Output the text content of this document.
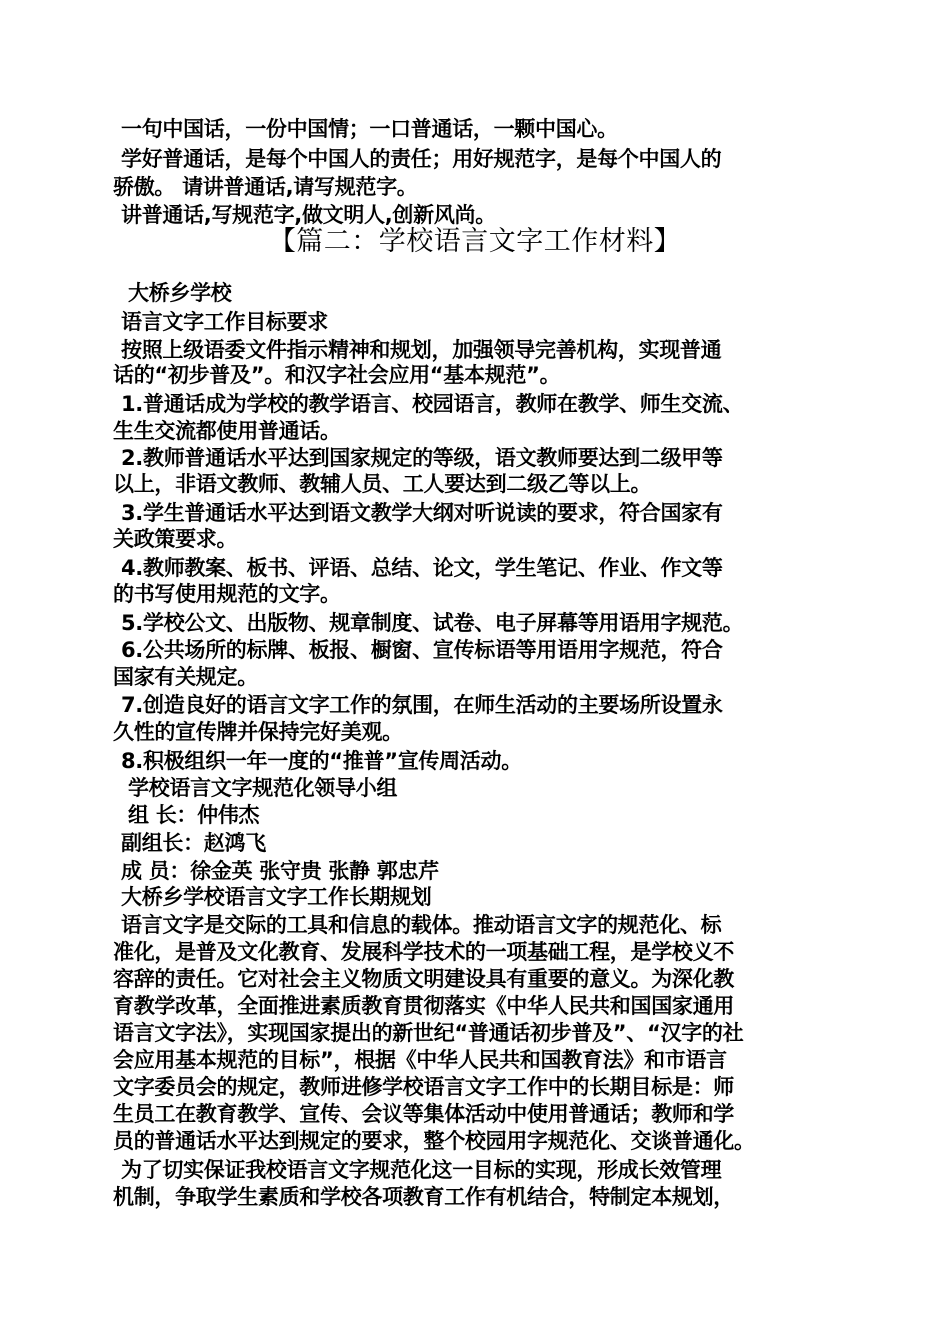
一句中国话，一份中国情；一口普通话，一颗中国心。

学好普通话，是每个中国人的责任；用好规范字，是每个中国人的

骄傲。 请讲普通话,请写规范字。

讲普通话,写规范字,做文明人,创新风尚。

【篇二：学校语言文字工作材料】

大桥乡学校

语言文字工作目标要求

按照上级语委文件指示精神和规划，加强领导完善机构，实现普通

话的“初步普及”。和汉字社会应用“基本规范”。

1.普通话成为学校的教学语言、校园语言，教师在教学、师生交流、

生生交流都使用普通话。

2.教师普通话水平达到国家规定的等级，语文教师要达到二级甲等

以上，非语文教师、教辅人员、工人要达到二级乙等以上。

3.学生普通话水平达到语文教学大纲对听说读的要求，符合国家有

关政策要求。

4.教师教案、板书、评语、总结、论文，学生笔记、作业、作文等

的书写使用规范的文字。

5.学校公文、出版物、规章制度、试卷、电子屏幕等用语用字规范。

6.公共场所的标牌、板报、橱窗、宣传标语等用语用字规范，符合

国家有关规定。

7.创造良好的语言文字工作的氛围，在师生活动的主要场所设置永

久性的宣传牌并保持完好美观。

8.积极组织一年一度的“推普”宣传周活动。

学校语言文字规范化领导小组

组 长：仲伟杰

副组长：赵鸿飞

成 员：徐金英 张守贵 张静 郭忠芹

大桥乡学校语言文字工作长期规划

语言文字是交际的工具和信息的载体。推动语言文字的规范化、标

准化，是普及文化教育、发展科学技术的一项基础工程，是学校义不

容辞的责任。它对社会主义物质文明建设具有重要的意义。为深化教

育教学改革，全面推进素质教育贯彻落实《中华人民共和国国家通用

语言文字法》，实现国家提出的新世纪“普通话初步普及”、“汉字的社

会应用基本规范的目标”，根据《中华人民共和国教育法》和市语言

文字委员会的规定，教师进修学校语言文字工作中的长期目标是：师

生员工在教育教学、宣传、会议等集体活动中使用普通话；教师和学

员的普通话水平达到规定的要求，整个校园用字规范化、交谈普通化。

为了切实保证我校语言文字规范化这一目标的实现，形成长效管理

机制，争取学生素质和学校各项教育工作有机结合，特制定本规划，
